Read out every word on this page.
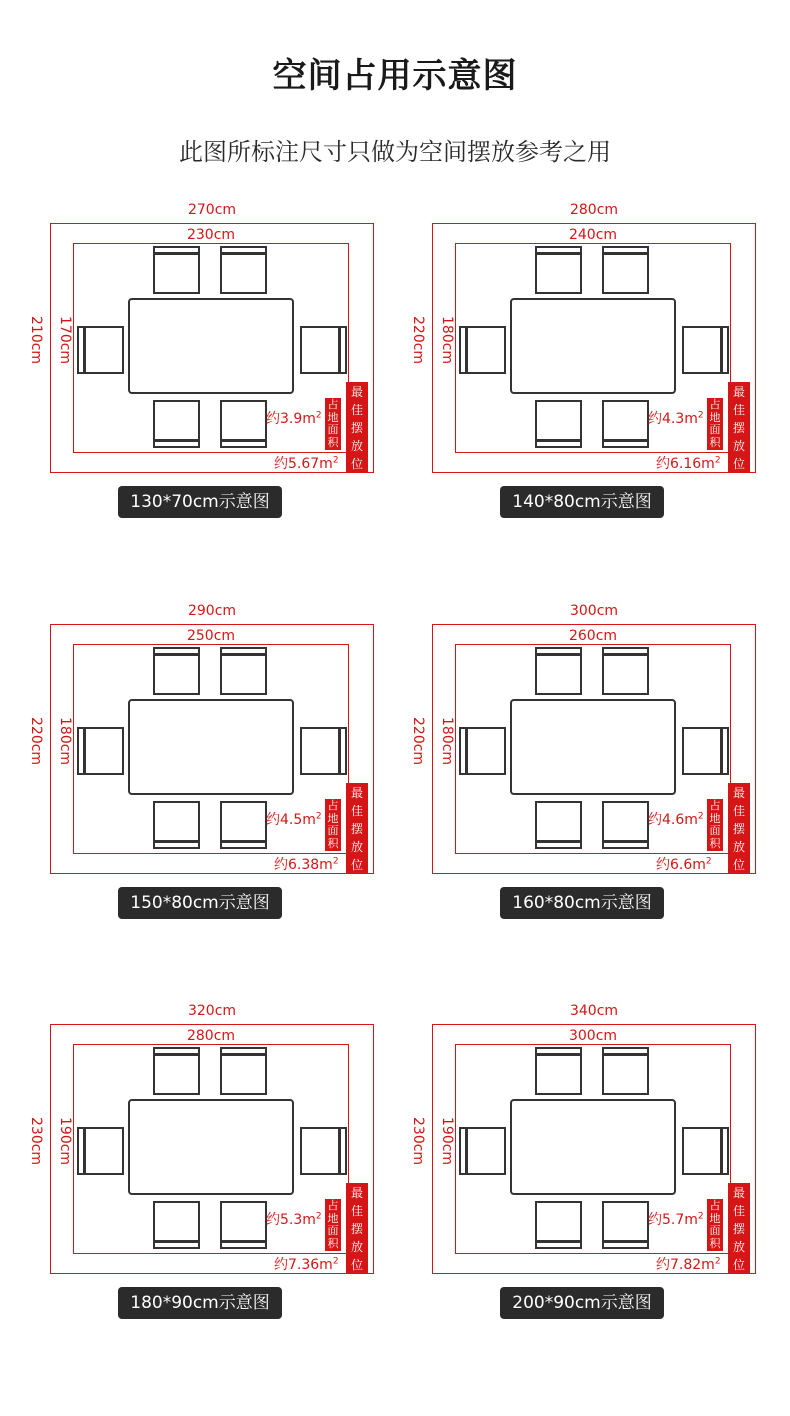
空间占用示意图
此图所标注尺寸只做为空间摆放参考之用
270cm
230cm
210cm 170cm
约$3.9m^2$
约$5.67m^2$
占地面积
最佳摆放位置
130*70cm示意图
280cm
240cm
220cm 180cm
约$4.3m^2$
约$6.16m^2$
占地面积
最佳摆放位置
140*80cm示意图
290cm
250cm
220cm 180cm
约$4.5m^2$
约$6.38m^2$
占地面积
最佳摆放位置
150*80cm示意图
300cm
260cm
220cm 180cm
约$4.6m^2$
约$6.6m^2$
占地面积
最佳摆放位置
160*80cm示意图
320cm
280cm
230cm 190cm
约$5.3m^2$
约$7.36m^2$
占地面积
最佳摆放位置
180*90cm示意图
340cm
300cm
230cm 190cm
约$5.7m^2$
约$7.82m^2$
占地面积
最佳摆放位置
200*90cm示意图
